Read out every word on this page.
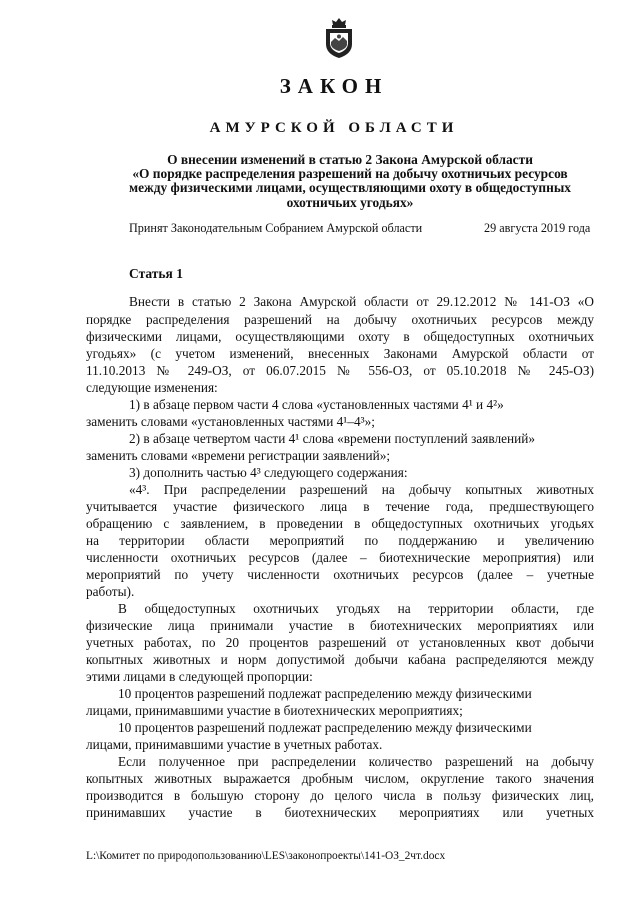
ЗАКОН
АМУРСКОЙ ОБЛАСТИ
О внесении изменений в статью 2 Закона Амурской области
«О порядке распределения разрешений на добычу охотничьих ресурсов
между физическими лицами, осуществляющими охоту в общедоступных
охотничьих угодьях»
Принят Законодательным Собранием Амурской области	29 августа 2019 года
Статья 1
Внести в статью 2 Закона Амурской области от 29.12.2012 № 141-ОЗ «О
порядке распределения разрешений на добычу охотничьих ресурсов между
физическими лицами, осуществляющими охоту в общедоступных охотничьих
угодьях» (с учетом изменений, внесенных Законами Амурской области от
11.10.2013 № 249-ОЗ, от 06.07.2015 № 556-ОЗ, от 05.10.2018 № 245-ОЗ)
следующие изменения:
1) в абзаце первом части 4 слова «установленных частями 4¹ и 4²»
заменить словами «установленных частями 4¹–4³»;
2) в абзаце четвертом части 4¹ слова «времени поступлений заявлений»
заменить словами «времени регистрации заявлений»;
3) дополнить частью 4³ следующего содержания:
«4³. При распределении разрешений на добычу копытных животных
учитывается участие физического лица в течение года, предшествующего
обращению с заявлением, в проведении в общедоступных охотничьих угодьях
на территории области мероприятий по поддержанию и увеличению
численности охотничьих ресурсов (далее – биотехнические мероприятия) или
мероприятий по учету численности охотничьих ресурсов (далее – учетные
работы).
В общедоступных охотничьих угодьях на территории области, где
физические лица принимали участие в биотехнических мероприятиях или
учетных работах, по 20 процентов разрешений от установленных квот добычи
копытных животных и норм допустимой добычи кабана распределяются между
этими лицами в следующей пропорции:
10 процентов разрешений подлежат распределению между физическими
лицами, принимавшими участие в биотехнических мероприятиях;
10 процентов разрешений подлежат распределению между физическими
лицами, принимавшими участие в учетных работах.
Если полученное при распределении количество разрешений на добычу
копытных животных выражается дробным числом, округление такого значения
производится в большую сторону до целого числа в пользу физических лиц,
принимавших участие в биотехнических мероприятиях или учетных
L:\Комитет по природопользованию\LES\законопроекты\141-ОЗ_2чт.docx
